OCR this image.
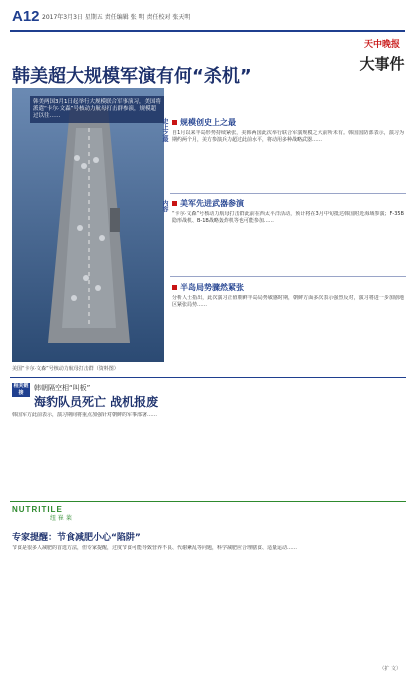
A12 2017年3月3日 星期五 责任编辑 张 明 责任校对 张天明
天中晚报
大事件
韩美超大规模军演有何“杀机”
韩美两国3月1日起举行大规模联合军事演习，美国将派遣“卡尔·文森”号核动力航母打击群参演，规模超过以往……
美国“卡尔·文森”号核动力航母打击群（资料图）
史上之最	规模创史上之最
自1月以来半岛形势持续紧张，美韩两国此次举行联合军演规模之大前所未有。韩国国防部表示，演习为期约两个月，美方参演兵力超过此前水平，将动用多种战略武器……
内容	美军先进武器参演
“卡尔·文森”号核动力航母打击群此前在西太平洋活动，预计将在3月中旬抵达韩国附近海域参演；F-35B隐形战机、B-1B战略轰炸机等也可能参加……
半岛局势骤然紧张
分析人士指出，此次演习正值朝鲜半岛局势敏感时期，朝鲜方面多次表示强烈反对，演习将进一步加剧地区紧张局势……
相关链接
韩朝隔空相“叫板”
海豹队员死亡 战机报废
韩国军方此前表示，演习期间将重点加强针对朝鲜的军事部署……
NUTRITILE
纽 崔 莱
专家提醒：节食减肥小心“陷阱”
节食是很多人减肥的首选方法，但专家提醒，过度节食可能导致营养不良、代谢紊乱等问题，科学减肥应合理膳食、适量运动……
（扩 文）
